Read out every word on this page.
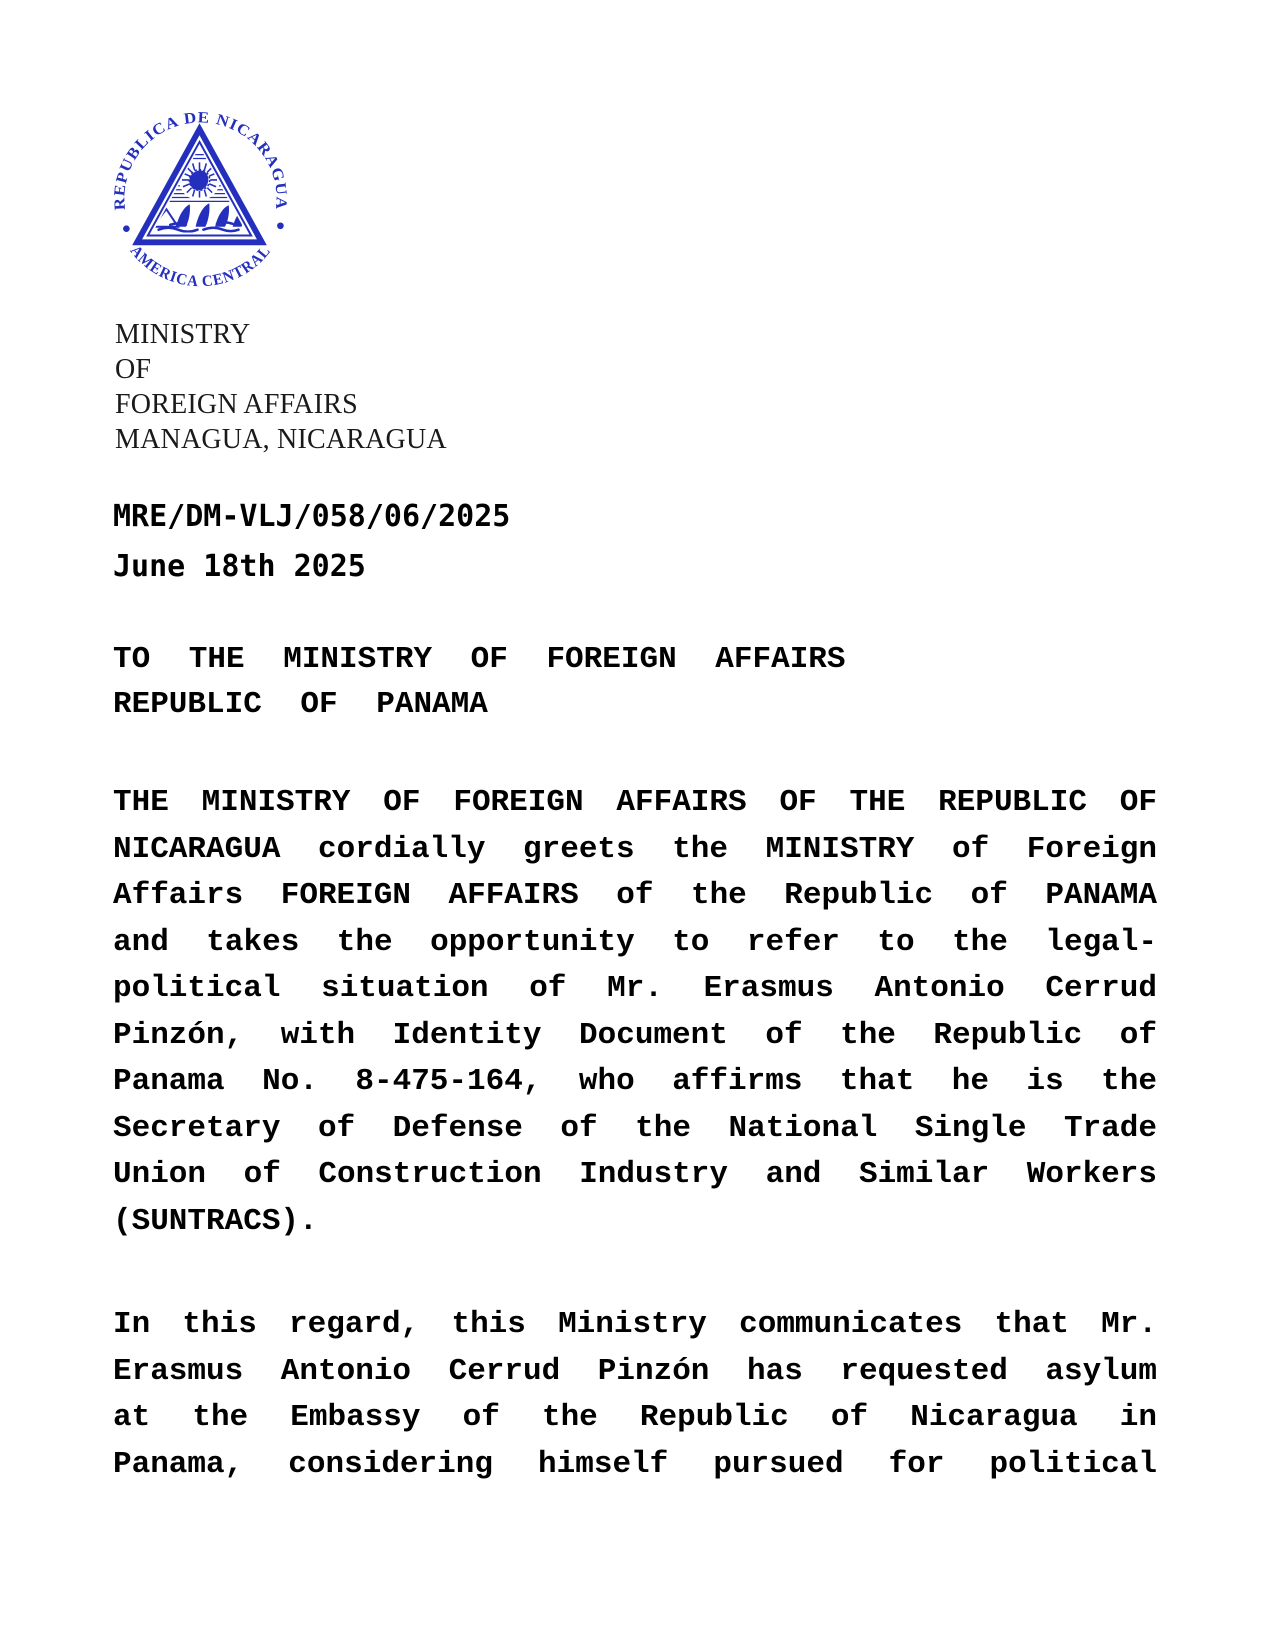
REPUBLICA DE NICARAGUA
AMERICA CENTRAL
MINISTRY
OF
FOREIGN AFFAIRS
MANAGUA, NICARAGUA
MRE/DM-VLJ/058/06/2025
June 18th 2025
TO THE MINISTRY OF FOREIGN AFFAIRS
REPUBLIC OF PANAMA
THE MINISTRY OF FOREIGN AFFAIRS OF THE REPUBLIC OF
NICARAGUA cordially greets the MINISTRY of Foreign
Affairs FOREIGN AFFAIRS of the Republic of PANAMA
and takes the opportunity to refer to the legal-
political situation of Mr. Erasmus Antonio Cerrud
Pinzón, with Identity Document of the Republic of
Panama No. 8-475-164, who affirms that he is the
Secretary of Defense of the National Single Trade
Union of Construction Industry and Similar Workers
(SUNTRACS).
In this regard, this Ministry communicates that Mr.
Erasmus Antonio Cerrud Pinzón has requested asylum
at the Embassy of the Republic of Nicaragua in
Panama, considering himself pursued for political
